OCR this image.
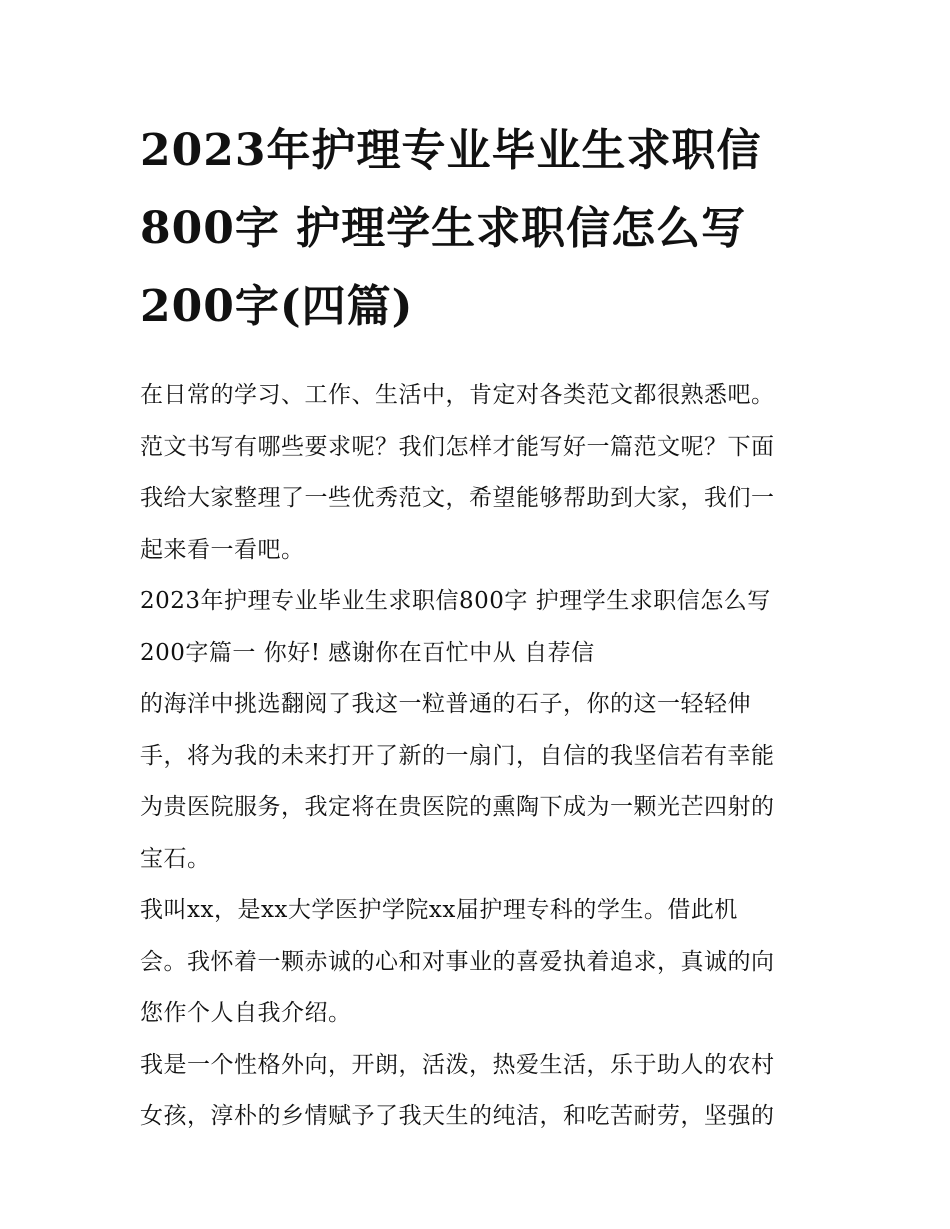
2023年护理专业毕业生求职信
800字 护理学生求职信怎么写
200字(四篇)
在日常的学习、工作、生活中，肯定对各类范文都很熟悉吧。
范文书写有哪些要求呢？我们怎样才能写好一篇范文呢？下面
我给大家整理了一些优秀范文，希望能够帮助到大家，我们一
起来看一看吧。
2023年护理专业毕业生求职信800字 护理学生求职信怎么写
200字篇一 你好! 感谢你在百忙中从 自荐信
的海洋中挑选翻阅了我这一粒普通的石子，你的这一轻轻伸
手，将为我的未来打开了新的一扇门，自信的我坚信若有幸能
为贵医院服务，我定将在贵医院的熏陶下成为一颗光芒四射的
宝石。
我叫xx，是xx大学医护学院xx届护理专科的学生。借此机
会。我怀着一颗赤诚的心和对事业的喜爱执着追求，真诚的向
您作个人自我介绍。
我是一个性格外向，开朗，活泼，热爱生活，乐于助人的农村
女孩，淳朴的乡情赋予了我天生的纯洁，和吃苦耐劳，坚强的
